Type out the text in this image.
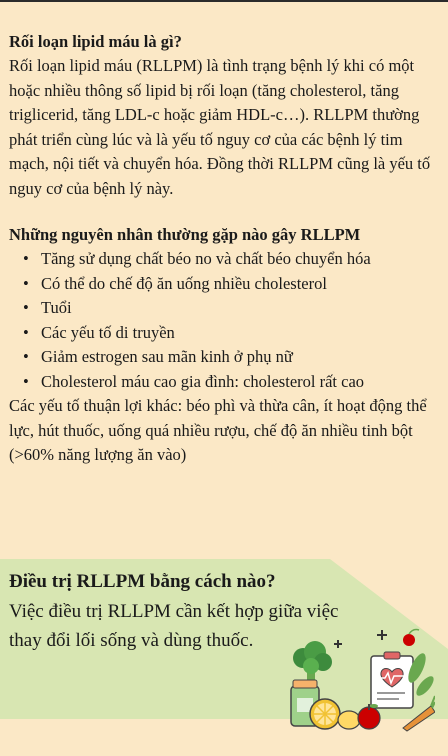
Rối loạn lipid máu là gì?

Rối loạn lipid máu (RLLPM) là tình trạng bệnh lý khi có một hoặc nhiều thông số lipid bị rối loạn (tăng cholesterol, tăng triglicerid, tăng LDL-c hoặc giảm HDL-c…). RLLPM thường phát triển cùng lúc và là yếu tố nguy cơ của các bệnh lý tim mạch, nội tiết và chuyển hóa. Đồng thời RLLPM cũng là yếu tố nguy cơ của bệnh lý này.

Những nguyên nhân thường gặp nào gây RLLPM
• Tăng sử dụng chất béo no và chất béo chuyển hóa
• Có thể do chế độ ăn uống nhiều cholesterol
• Tuổi
• Các yếu tố di truyền
• Giảm estrogen sau mãn kinh ở phụ nữ
• Cholesterol máu cao gia đình: cholesterol rất cao

Các yếu tố thuận lợi khác: béo phì và thừa cân, ít hoạt động thể lực, hút thuốc, uống quá nhiều rượu, chế độ ăn nhiều tinh bột (>60% năng lượng ăn vào)

Điều trị RLLPM bằng cách nào?

Việc điều trị RLLPM cần kết hợp giữa việc thay đổi lối sống và dùng thuốc.
